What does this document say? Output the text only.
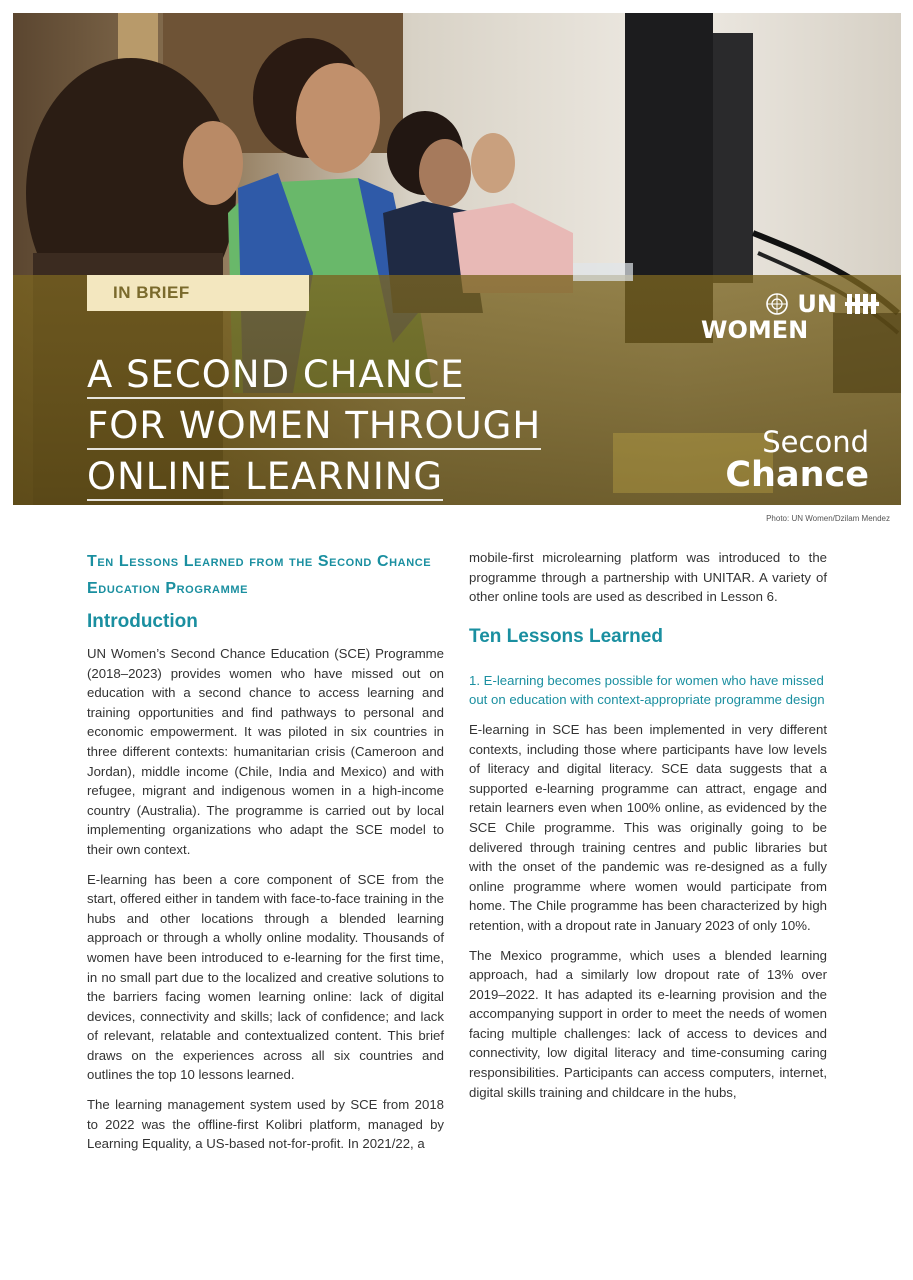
IN BRIEF
A SECOND CHANCE
FOR WOMEN THROUGH
ONLINE LEARNING
UN
WOMEN
Second
Chance
Photo: UN Women/Dzilam Mendez
Ten Lessons Learned from the Second Chance Education Programme
Introduction

UN Women’s Second Chance Education (SCE) Programme (2018–2023) provides women who have missed out on education with a second chance to access learning and training opportunities and find pathways to personal and economic empowerment. It was piloted in six countries in three different contexts: humanitarian crisis (Cameroon and Jordan), middle income (Chile, India and Mexico) and with refugee, migrant and indigenous women in a high-income country (Australia). The programme is carried out by local implementing organizations who adapt the SCE model to their own context.

E-learning has been a core component of SCE from the start, offered either in tandem with face-to-face training in the hubs and other locations through a blended learning approach or through a wholly online modality. Thousands of women have been introduced to e-learning for the first time, in no small part due to the localized and creative solutions to the barriers facing women learning online: lack of digital devices, connectivity and skills; lack of confidence; and lack of relevant, relatable and contextualized content. This brief draws on the experiences across all six countries and outlines the top 10 lessons learned.

The learning management system used by SCE from 2018 to 2022 was the offline-first Kolibri platform, managed by Learning Equality, a US-based not-for-profit. In 2021/22, a

mobile-first microlearning platform was introduced to the programme through a partnership with UNITAR. A variety of other online tools are used as described in Lesson 6.

Ten Lessons Learned
1. E-learning becomes possible for women who have missed out on education with context-appropriate programme design

E-learning in SCE has been implemented in very different contexts, including those where participants have low levels of literacy and digital literacy. SCE data suggests that a supported e-learning programme can attract, engage and retain learners even when 100% online, as evidenced by the SCE Chile programme. This was originally going to be delivered through training centres and public libraries but with the onset of the pandemic was re-designed as a fully online programme where women would participate from home. The Chile programme has been characterized by high retention, with a dropout rate in January 2023 of only 10%.

The Mexico programme, which uses a blended learning approach, had a similarly low dropout rate of 13% over 2019–2022. It has adapted its e-learning provision and the accompanying support in order to meet the needs of women facing multiple challenges: lack of access to devices and connectivity, low digital literacy and time-consuming caring responsibilities. Participants can access computers, internet, digital skills training and childcare in the hubs,
